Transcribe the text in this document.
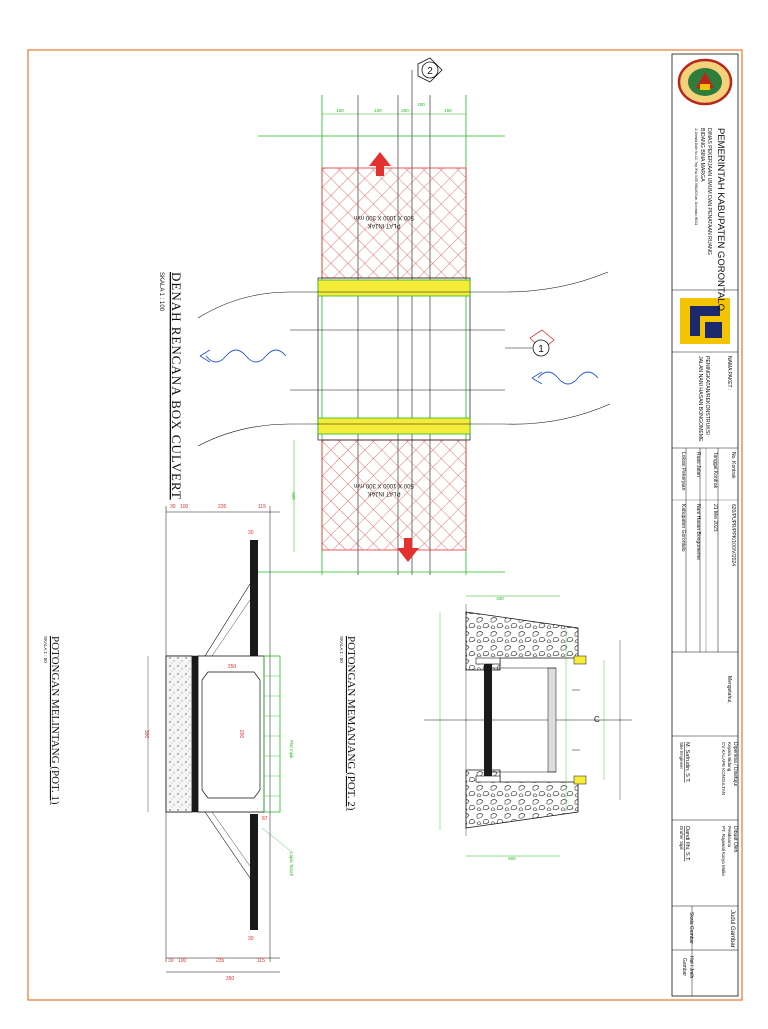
PEMERINTAH KABUPATEN GORONTALO
DINAS PEKERJAAN UMUM DAN PENATAAN RUANG
BIDANG BINA MARGA
Jl. Ahmad Dalie No.12, Telp./Fax 0435 881100 Kab. Gorontalo 96211
NAMA PAKET :
PENINGKATAN/REKONSTRUKSI
JALAN NANI HASAN BONGOMEME
No. Kontrak
620/PUPR/PPK/100/V/2024
Tanggal Kontrak
21 Mei 2023
Ruas Jalan
Nani Hasan Bongomeme
Lokasi Pekerjaan
Kabupaten Gorontalo
Mengetahui,
Diperiksa / Disetujui
Kepala Bidang
CV KALAPE KONSULTAN
M. Safrudin, S.T.
Site Engineer
Dibuat Oleh
Pelaksana
PT. Rajawali Karya Mulia
Dandi Ilhi, S.T.
Drafter Sipil
Judul Gambar :
Skala Gambar
Hal / Jmlh
Gambar
150	100	250
100
150
PLAT INJAK
500 X 1000 X 300 mm
PLAT INJAK
500 X 1000 X 300 mm
2
1
500
DENAH RENCANA BOX CULVERT
SKALA 1 : 100
30 100	235	115
30 100	235	115
350
30
87
30
250
300	200
Plat Injak
Lapis Tanah
POTONGAN MEMANJANG (POT. 2)
SKALA 1 : 50
POTONGAN MELINTANG (POT. 1)
SKALA 1 : 50
400
600
C
